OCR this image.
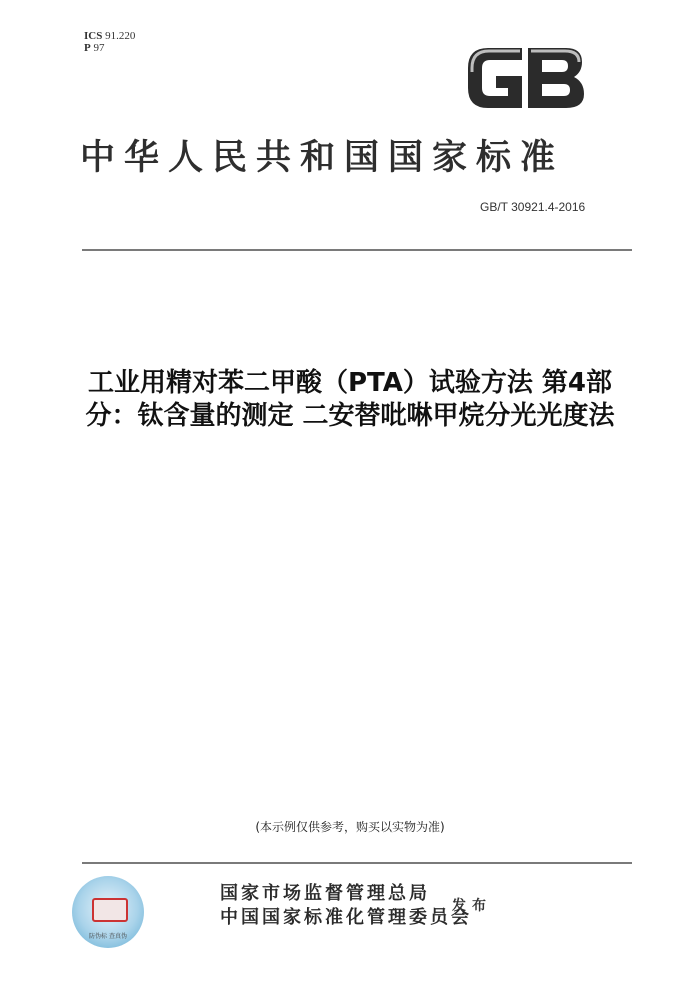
ICS 91.220
P 97
中华人民共和国国家标准
GB/T 30921.4-2016
工业用精对苯二甲酸（PTA）试验方法 第4部
分：钛含量的测定 二安替吡啉甲烷分光光度法
(本示例仅供参考，购买以实物为准)
防伪标 查真伪
国家市场监督管理总局
中国国家标准化管理委员会
发布
